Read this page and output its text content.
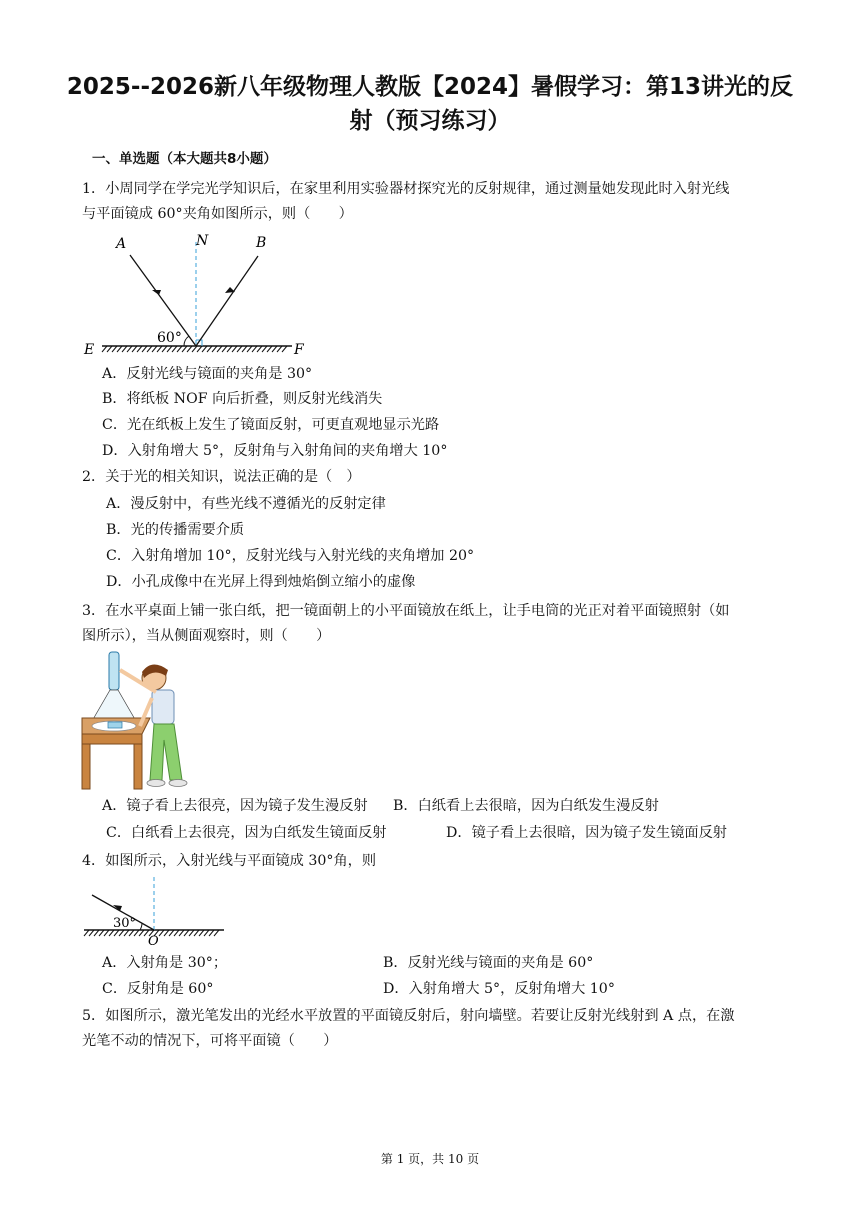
2025--2026新八年级物理人教版【2024】暑假学习：第13讲光的反
射（预习练习）
一、单选题（本大题共8小题）
1．小周同学在学完光学知识后，在家里利用实验器材探究光的反射规律，通过测量她发现此时入射光线
与平面镜成 60°夹角如图所示，则（　　）
A	N	B
60°
E	F
A．反射光线与镜面的夹角是 30°
B．将纸板 NOF 向后折叠，则反射光线消失
C．光在纸板上发生了镜面反射，可更直观地显示光路
D．入射角增大 5°，反射角与入射角间的夹角增大 10°
2．关于光的相关知识，说法正确的是（　）
A．漫反射中，有些光线不遵循光的反射定律
B．光的传播需要介质
C．入射角增加 10°，反射光线与入射光线的夹角增加 20°
D．小孔成像中在光屏上得到烛焰倒立缩小的虚像
3．在水平桌面上铺一张白纸，把一镜面朝上的小平面镜放在纸上，让手电筒的光正对着平面镜照射（如
图所示），当从侧面观察时，则（　　）
A．镜子看上去很亮，因为镜子发生漫反射 B．白纸看上去很暗，因为白纸发生漫反射
C．白纸看上去很亮，因为白纸发生镜面反射	D．镜子看上去很暗，因为镜子发生镜面反射
4．如图所示，入射光线与平面镜成 30°角，则
30°
O
A．入射角是 30°；	B．反射光线与镜面的夹角是 60°
C．反射角是 60°	D．入射角增大 5°，反射角增大 10°
5．如图所示，激光笔发出的光经水平放置的平面镜反射后，射向墙壁。若要让反射光线射到 A 点，在激
光笔不动的情况下，可将平面镜（　　）
第 1 页，共 10 页
